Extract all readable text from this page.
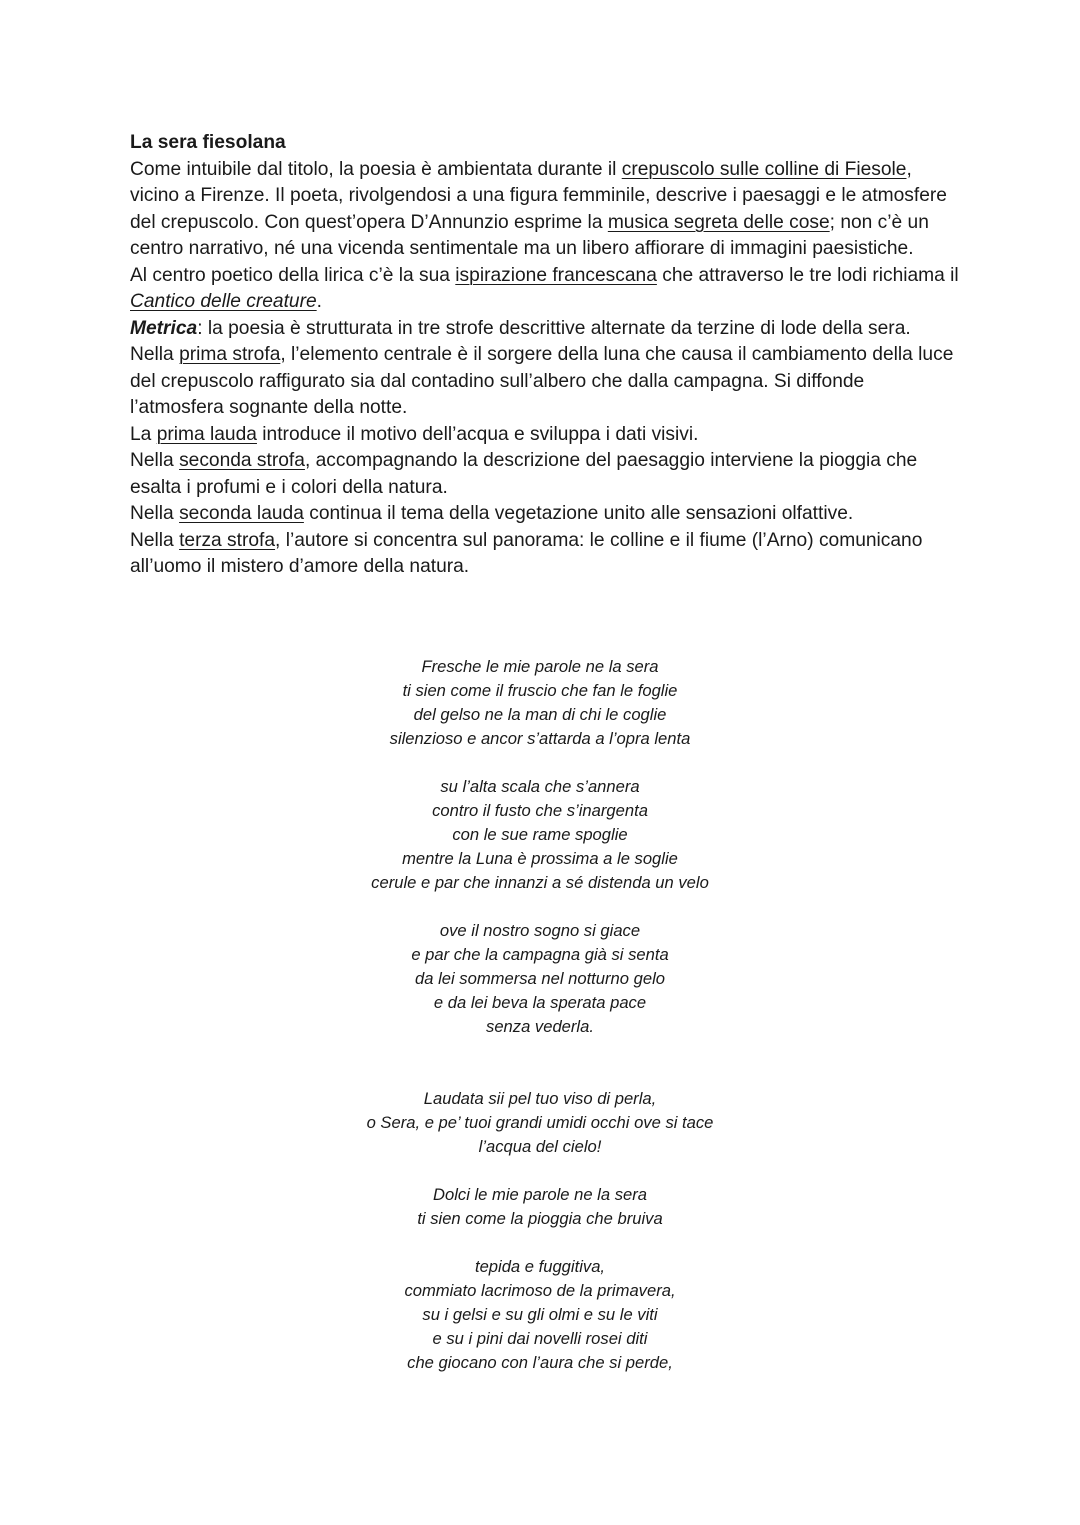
La sera fiesolana

Come intuibile dal titolo, la poesia è ambientata durante il crepuscolo sulle colline di Fiesole, vicino a Firenze. Il poeta, rivolgendosi a una figura femminile, descrive i paesaggi e le atmosfere del crepuscolo. Con quest’opera D’Annunzio esprime la musica segreta delle cose; non c’è un centro narrativo, né una vicenda sentimentale ma un libero affiorare di immagini paesistiche.

Al centro poetico della lirica c’è la sua ispirazione francescana che attraverso le tre lodi richiama il Cantico delle creature.

Metrica: la poesia è strutturata in tre strofe descrittive alternate da terzine di lode della sera.

Nella prima strofa, l’elemento centrale è il sorgere della luna che causa il cambiamento della luce del crepuscolo raffigurato sia dal contadino sull’albero che dalla campagna. Si diffonde l’atmosfera sognante della notte.

La prima lauda introduce il motivo dell’acqua e sviluppa i dati visivi.

Nella seconda strofa, accompagnando la descrizione del paesaggio interviene la pioggia che esalta i profumi e i colori della natura.

Nella seconda lauda continua il tema della vegetazione unito alle sensazioni olfattive.

Nella terza strofa, l’autore si concentra sul panorama: le colline e il fiume (l’Arno) comunicano all’uomo il mistero d’amore della natura.

Fresche le mie parole ne la sera
ti sien come il fruscio che fan le foglie
del gelso ne la man di chi le coglie
silenzioso e ancor s’attarda a l’opra lenta
su l’alta scala che s’annera
contro il fusto che s’inargenta
con le sue rame spoglie
mentre la Luna è prossima a le soglie
cerule e par che innanzi a sé distenda un velo
ove il nostro sogno si giace
e par che la campagna già si senta
da lei sommersa nel notturno gelo
e da lei beva la sperata pace
senza vederla.
Laudata sii pel tuo viso di perla,
o Sera, e pe’ tuoi grandi umidi occhi ove si tace
l’acqua del cielo!
Dolci le mie parole ne la sera
ti sien come la pioggia che bruiva
tepida e fuggitiva,
commiato lacrimoso de la primavera,
su i gelsi e su gli olmi e su le viti
e su i pini dai novelli rosei diti
che giocano con l’aura che si perde,
